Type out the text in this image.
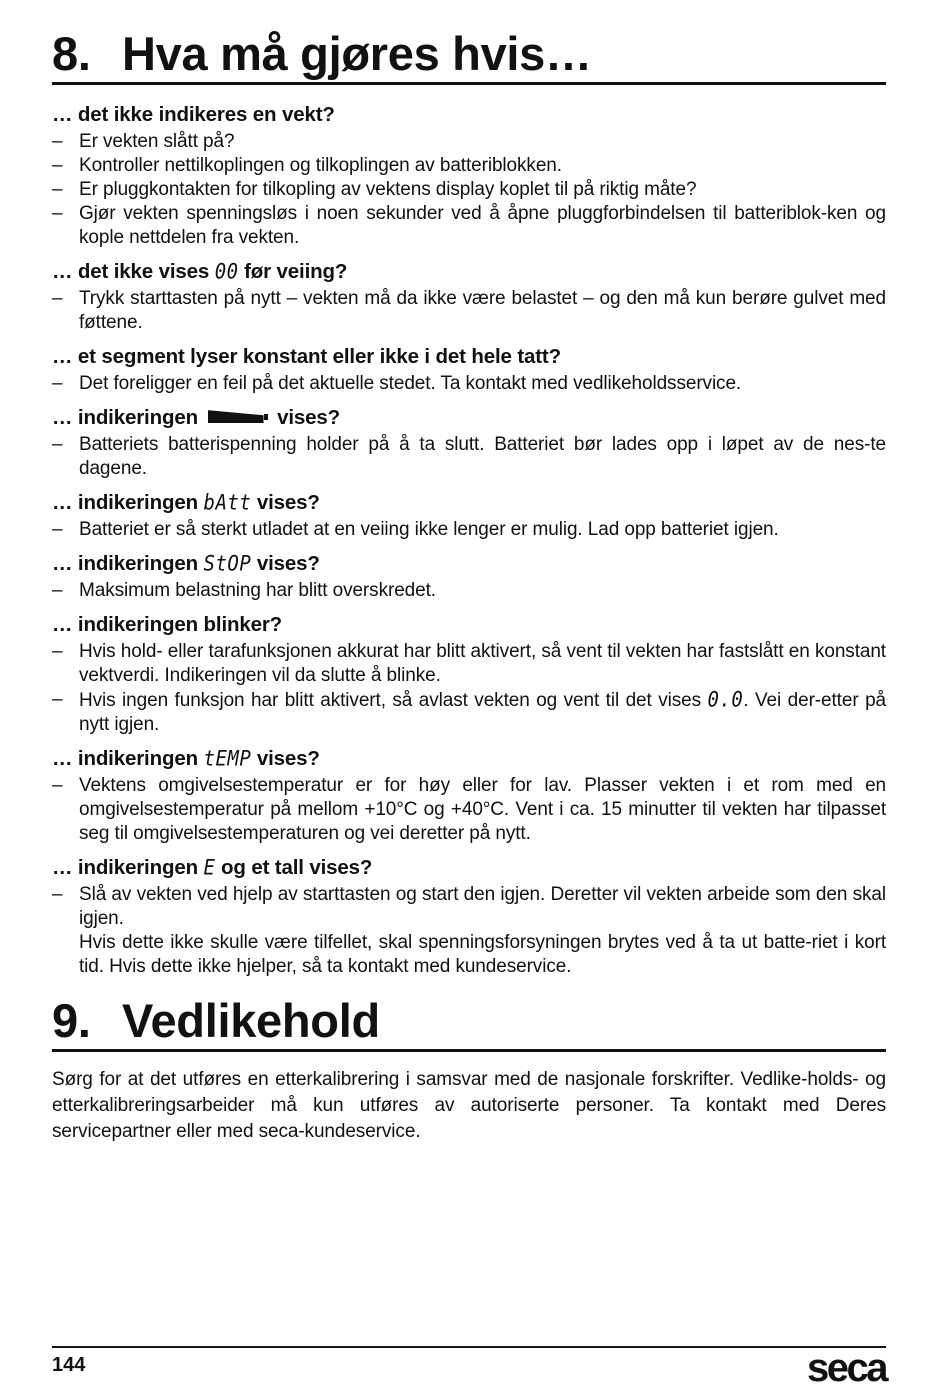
8. Hva må gjøres hvis…
… det ikke indikeres en vekt?
– Er vekten slått på?
– Kontroller nettilkoplingen og tilkoplingen av batteriblokken.
– Er pluggkontakten for tilkopling av vektens display koplet til på riktig måte?
– Gjør vekten spenningsløs i noen sekunder ved å åpne pluggforbindelsen til batteriblok-ken og kople nettdelen fra vekten.
… det ikke vises 00 før veiing?
– Trykk starttasten på nytt – vekten må da ikke være belastet – og den må kun berøre gulvet med føttene.
… et segment lyser konstant eller ikke i det hele tatt?
– Det foreligger en feil på det aktuelle stedet. Ta kontakt med vedlikeholdsservice.
… indikeringen	vises?
– Batteriets batterispenning holder på å ta slutt. Batteriet bør lades opp i løpet av de nes-te dagene.
… indikeringen bAtt vises?
– Batteriet er så sterkt utladet at en veiing ikke lenger er mulig. Lad opp batteriet igjen.
… indikeringen StOP vises?
– Maksimum belastning har blitt overskredet.
… indikeringen blinker?
– Hvis hold- eller tarafunksjonen akkurat har blitt aktivert, så vent til vekten har fastslått en konstant vektverdi. Indikeringen vil da slutte å blinke.
– Hvis ingen funksjon har blitt aktivert, så avlast vekten og vent til det vises 0.0. Vei der-etter på nytt igjen.
… indikeringen tEMP vises?
– Vektens omgivelsestemperatur er for høy eller for lav. Plasser vekten i et rom med en omgivelsestemperatur på mellom +10°C og +40°C. Vent i ca. 15 minutter til vekten har tilpasset seg til omgivelsestemperaturen og vei deretter på nytt.
… indikeringen E og et tall vises?
– Slå av vekten ved hjelp av starttasten og start den igjen. Deretter vil vekten arbeide som den skal igjen.
Hvis dette ikke skulle være tilfellet, skal spenningsforsyningen brytes ved å ta ut batte-riet i kort tid. Hvis dette ikke hjelper, så ta kontakt med kundeservice.
9. Vedlikehold

Sørg for at det utføres en etterkalibrering i samsvar med de nasjonale forskrifter. Vedlike-holds- og etterkalibreringsarbeider må kun utføres av autoriserte personer. Ta kontakt med Deres servicepartner eller med seca-kundeservice.

144	seca
